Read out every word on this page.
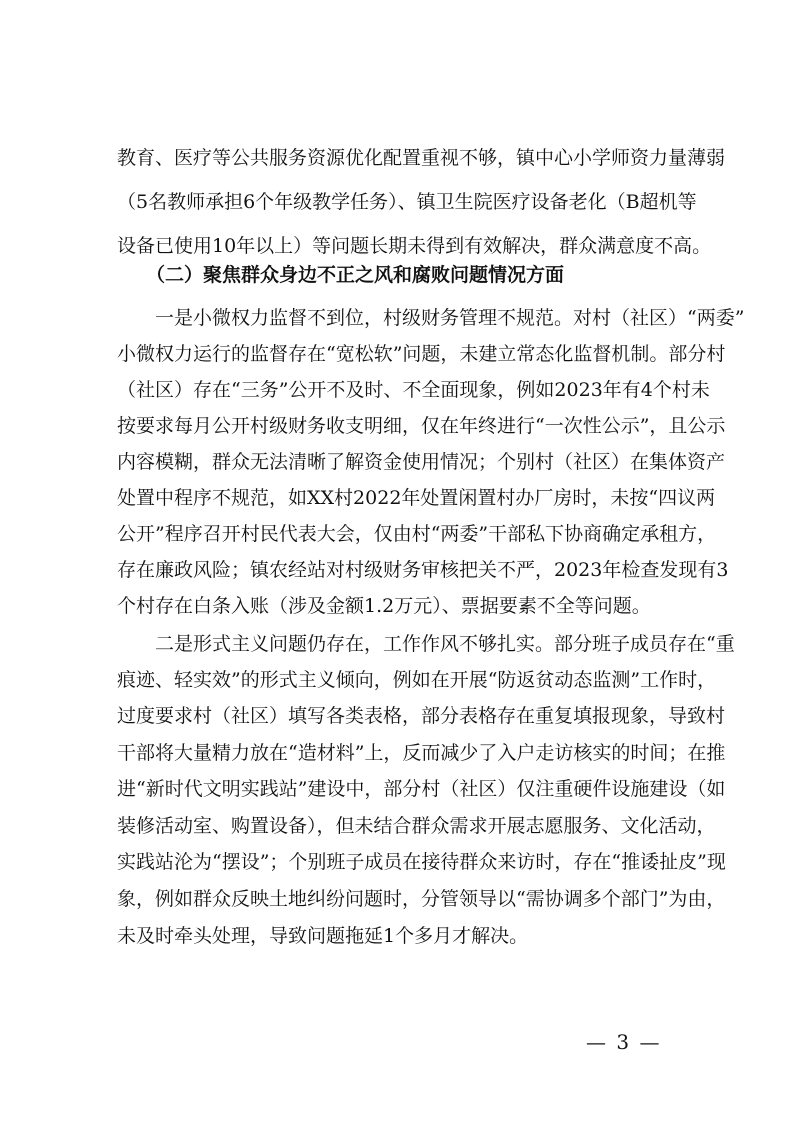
教育、医疗等公共服务资源优化配置重视不够，镇中心小学师资力量薄弱
（5名教师承担6个年级教学任务）、镇卫生院医疗设备老化（B超机等
设备已使用10年以上）等问题长期未得到有效解决，群众满意度不高。
（二）聚焦群众身边不正之风和腐败问题情况方面
一是小微权力监督不到位，村级财务管理不规范。对村（社区）“两委”
小微权力运行的监督存在“宽松软”问题，未建立常态化监督机制。部分村
（社区）存在“三务”公开不及时、不全面现象，例如2023年有4个村未
按要求每月公开村级财务收支明细，仅在年终进行“一次性公示”，且公示
内容模糊，群众无法清晰了解资金使用情况；个别村（社区）在集体资产
处置中程序不规范，如XX村2022年处置闲置村办厂房时，未按“四议两
公开”程序召开村民代表大会，仅由村“两委”干部私下协商确定承租方，
存在廉政风险；镇农经站对村级财务审核把关不严，2023年检查发现有3
个村存在白条入账（涉及金额1.2万元）、票据要素不全等问题。
二是形式主义问题仍存在，工作作风不够扎实。部分班子成员存在“重
痕迹、轻实效”的形式主义倾向，例如在开展“防返贫动态监测”工作时，
过度要求村（社区）填写各类表格，部分表格存在重复填报现象，导致村
干部将大量精力放在“造材料”上，反而减少了入户走访核实的时间；在推
进“新时代文明实践站”建设中，部分村（社区）仅注重硬件设施建设（如
装修活动室、购置设备），但未结合群众需求开展志愿服务、文化活动，
实践站沦为“摆设”；个别班子成员在接待群众来访时，存在“推诿扯皮”现
象，例如群众反映土地纠纷问题时，分管领导以“需协调多个部门”为由，
未及时牵头处理，导致问题拖延1个多月才解决。
— 3 —
